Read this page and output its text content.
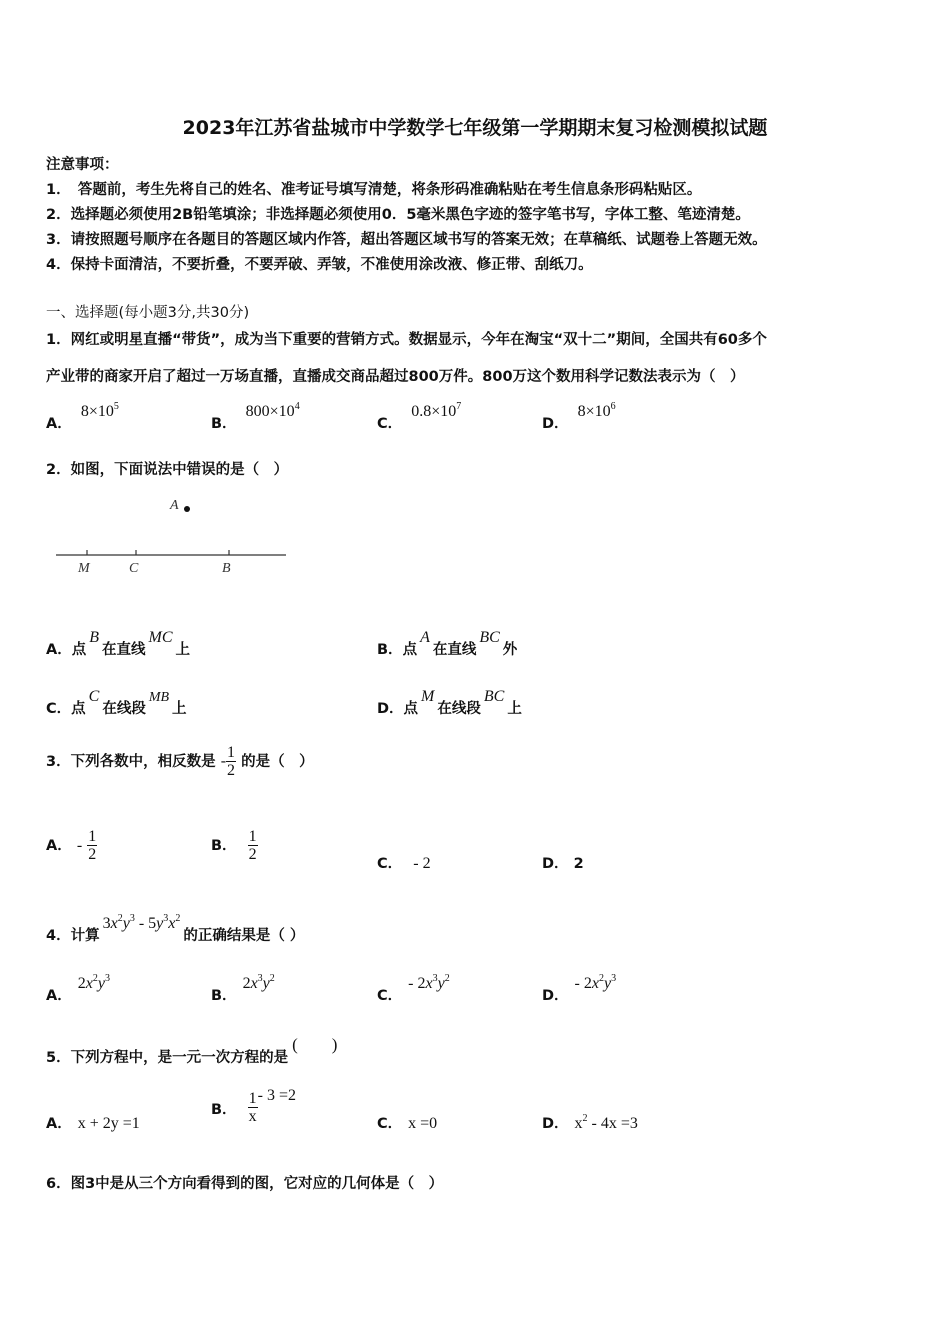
2023年江苏省盐城市中学数学七年级第一学期期末复习检测模拟试题
注意事项：
1．　答题前，考生先将自己的姓名、准考证号填写清楚，将条形码准确粘贴在考生信息条形码粘贴区。
2．选择题必须使用2B铅笔填涂；非选择题必须使用0．5毫米黑色字迹的签字笔书写，字体工整、笔迹清楚。
3．请按照题号顺序在各题目的答题区域内作答，超出答题区域书写的答案无效；在草稿纸、试题卷上答题无效。
4．保持卡面清洁，不要折叠，不要弄破、弄皱，不准使用涂改液、修正带、刮纸刀。
一、选择题(每小题3分,共30分)
1．网红或明星直播“带货”，成为当下重要的营销方式。数据显示，今年在淘宝“双十二”期间，全国共有60多个
产业带的商家开启了超过一万场直播，直播成交商品超过800万件。800万这个数用科学记数法表示为（　）
A． $8\times 10^5$
B． $800\times 10^4$
C． $0.8\times 10^7$
D． $8\times 10^6$
2．如图，下面说法中错误的是（　）
A
M	C	B
A．点B在直线MC上	B．点A在直线BC外
C．点C在线段MB上	D．点M在线段BC上
3．下列各数中，相反数是 - $\frac{1}{2}$ 的是（　）
A． - $\frac{1}{2}$	B． $\frac{1}{2}$
C． - 2	D． 2
4．计算$3x^2y^3 - 5y^3x^2$的正确结果是（ ）
A．$2x^2y^3$
B．$2x^3y^2$
C．- $2x^3y^2$
D．- $2x^2y^3$
5．下列方程中，是一元一次方程的是(　　)
A． x + 2y =1
B． $\frac{1}{x} - 3 =2$
C． x =0	D． $x^2 - 4x =3$
6．图3中是从三个方向看得到的图，它对应的几何体是（　）
